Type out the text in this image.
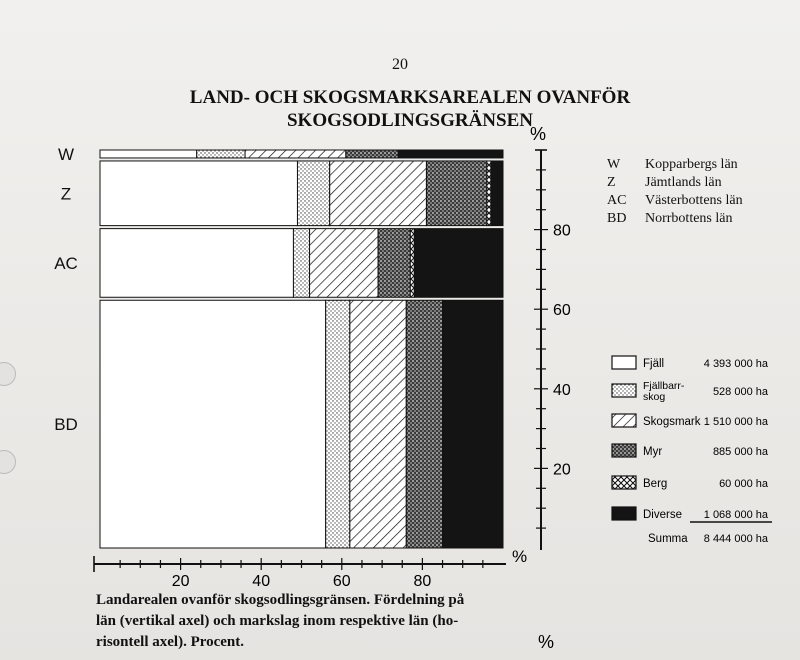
20
LAND- OCH SKOGSMARKSAREALEN OVANFÖR
SKOGSODLINGSGRÄNSEN
W	Kopparbergs län
Z	Jämtlands län
AC	Västerbottens län
BD	Norrbottens län
W
Z
AC
BD
20	40	60	80
%
20
40
60
80
%
%
Fjäll	4 393 000 ha
Fjällbarr-
skog	528 000 ha
Skogsmark 1 510 000 ha
Myr	885 000 ha
Berg	60 000 ha
Diverse 1 068 000 ha
Summa 8 444 000 ha
Landarealen ovanför skogsodlingsgränsen. Fördelning på
län (vertikal axel) och markslag inom respektive län (ho-
risontell axel). Procent.
